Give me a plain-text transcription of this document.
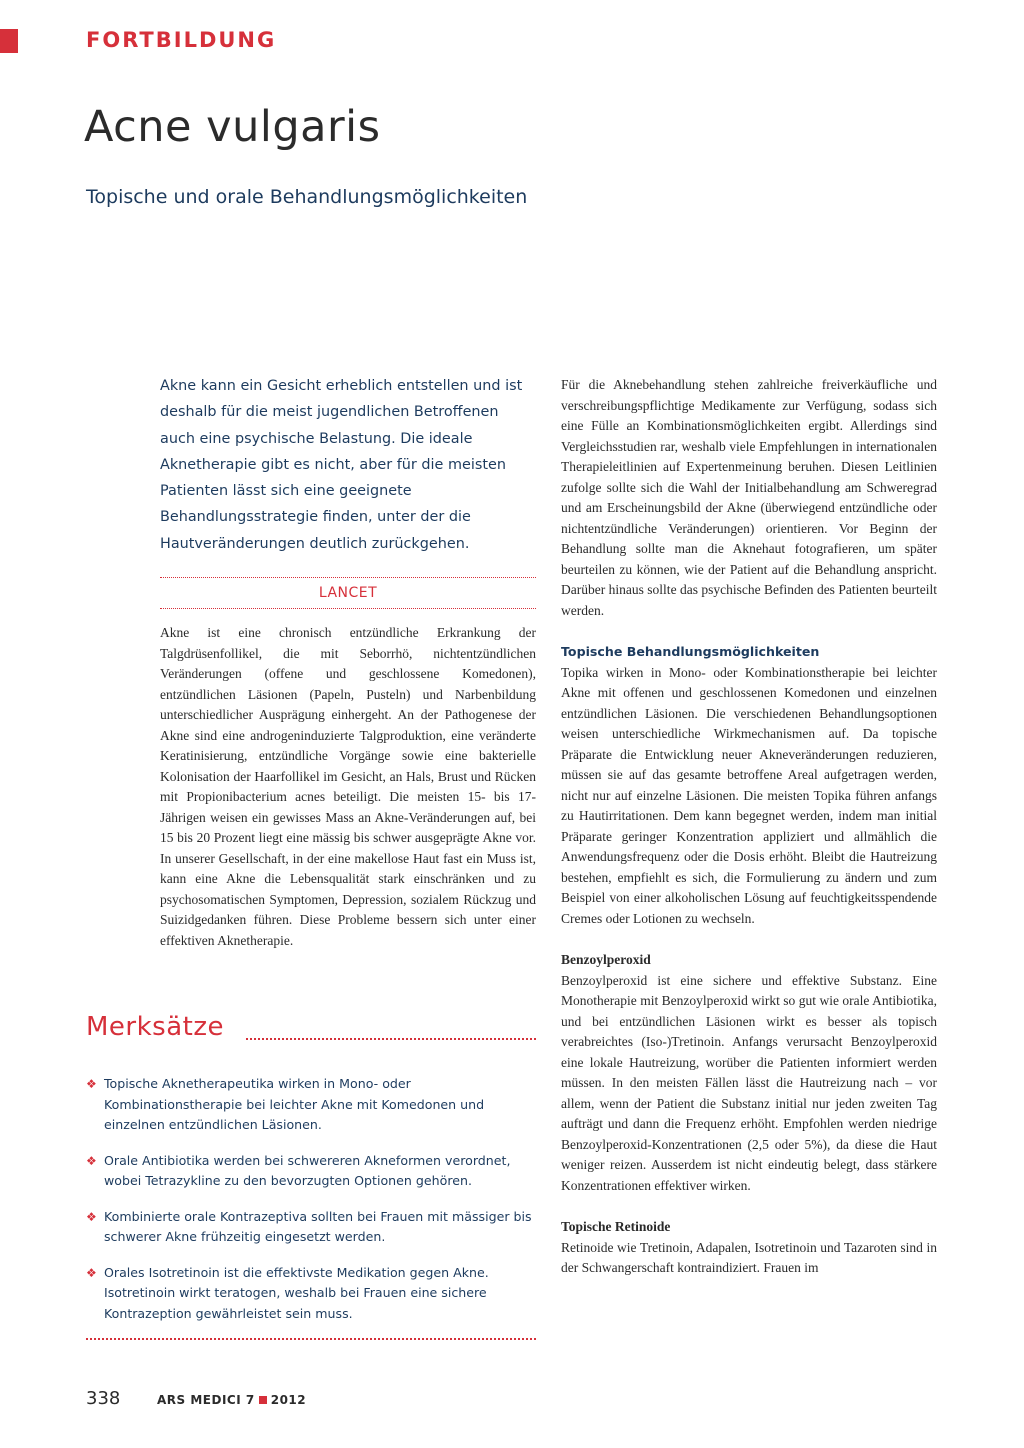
FORTBILDUNG
Acne vulgaris
Topische und orale Behandlungsmöglichkeiten

Akne kann ein Gesicht erheblich entstellen und ist deshalb für die meist jugendlichen Betroffenen auch eine psychische Belastung. Die ideale Aknetherapie gibt es nicht, aber für die meisten Patienten lässt sich eine geeignete Behandlungsstrategie finden, unter der die Hautveränderungen deutlich zurückgehen.

LANCET

Akne ist eine chronisch entzündliche Erkrankung der Talgdrüsenfollikel, die mit Seborrhö, nichtentzündlichen Veränderungen (offene und geschlossene Komedonen), entzündlichen Läsionen (Papeln, Pusteln) und Narbenbildung unterschiedlicher Ausprägung einhergeht. An der Pathogenese der Akne sind eine androgeninduzierte Talgproduktion, eine veränderte Keratinisierung, entzündliche Vorgänge sowie eine bakterielle Kolonisation der Haarfollikel im Gesicht, an Hals, Brust und Rücken mit Propionibacterium acnes beteiligt. Die meisten 15- bis 17-Jährigen weisen ein gewisses Mass an Akne-Veränderungen auf, bei 15 bis 20 Prozent liegt eine mässig bis schwer ausgeprägte Akne vor. In unserer Gesellschaft, in der eine makellose Haut fast ein Muss ist, kann eine Akne die Lebensqualität stark einschränken und zu psychosomatischen Symptomen, Depression, sozialem Rückzug und Suizidgedanken führen. Diese Probleme bessern sich unter einer effektiven Aknetherapie.

Merksätze
❖ Topische Aknetherapeutika wirken in Mono- oder Kombinationstherapie bei leichter Akne mit Komedonen und einzelnen entzündlichen Läsionen.
❖ Orale Antibiotika werden bei schwereren Akneformen verordnet, wobei Tetrazykline zu den bevorzugten Optionen gehören.
❖ Kombinierte orale Kontrazeptiva sollten bei Frauen mit mässiger bis schwerer Akne frühzeitig eingesetzt werden.
❖ Orales Isotretinoin ist die effektivste Medikation gegen Akne. Isotretinoin wirkt teratogen, weshalb bei Frauen eine sichere Kontrazeption gewährleistet sein muss.

Für die Aknebehandlung stehen zahlreiche freiverkäufliche und verschreibungspflichtige Medikamente zur Verfügung, sodass sich eine Fülle an Kombinationsmöglichkeiten ergibt. Allerdings sind Vergleichsstudien rar, weshalb viele Empfehlungen in internationalen Therapieleitlinien auf Expertenmeinung beruhen. Diesen Leitlinien zufolge sollte sich die Wahl der Initialbehandlung am Schweregrad und am Erscheinungsbild der Akne (überwiegend entzündliche oder nichtentzündliche Veränderungen) orientieren. Vor Beginn der Behandlung sollte man die Aknehaut fotografieren, um später beurteilen zu können, wie der Patient auf die Behandlung anspricht. Darüber hinaus sollte das psychische Befinden des Patienten beurteilt werden.

Topische Behandlungsmöglichkeiten

Topika wirken in Mono- oder Kombinationstherapie bei leichter Akne mit offenen und geschlossenen Komedonen und einzelnen entzündlichen Läsionen. Die verschiedenen Behandlungsoptionen weisen unterschiedliche Wirkmechanismen auf. Da topische Präparate die Entwicklung neuer Akneveränderungen reduzieren, müssen sie auf das gesamte betroffene Areal aufgetragen werden, nicht nur auf einzelne Läsionen. Die meisten Topika führen anfangs zu Hautirritationen. Dem kann begegnet werden, indem man initial Präparate geringer Konzentration appliziert und allmählich die Anwendungsfrequenz oder die Dosis erhöht. Bleibt die Hautreizung bestehen, empfiehlt es sich, die Formulierung zu ändern und zum Beispiel von einer alkoholischen Lösung auf feuchtigkeitsspendende Cremes oder Lotionen zu wechseln.

Benzoylperoxid

Benzoylperoxid ist eine sichere und effektive Substanz. Eine Monotherapie mit Benzoylperoxid wirkt so gut wie orale Antibiotika, und bei entzündlichen Läsionen wirkt es besser als topisch verabreichtes (Iso-)Tretinoin. Anfangs verursacht Benzoylperoxid eine lokale Hautreizung, worüber die Patienten informiert werden müssen. In den meisten Fällen lässt die Hautreizung nach – vor allem, wenn der Patient die Substanz initial nur jeden zweiten Tag aufträgt und dann die Frequenz erhöht. Empfohlen werden niedrige Benzoylperoxid-Konzentrationen (2,5 oder 5%), da diese die Haut weniger reizen. Ausserdem ist nicht eindeutig belegt, dass stärkere Konzentrationen effektiver wirken.

Topische Retinoide

Retinoide wie Tretinoin, Adapalen, Isotretinoin und Tazaroten sind in der Schwangerschaft kontraindiziert. Frauen im

338	ARS MEDICI 7 2012
